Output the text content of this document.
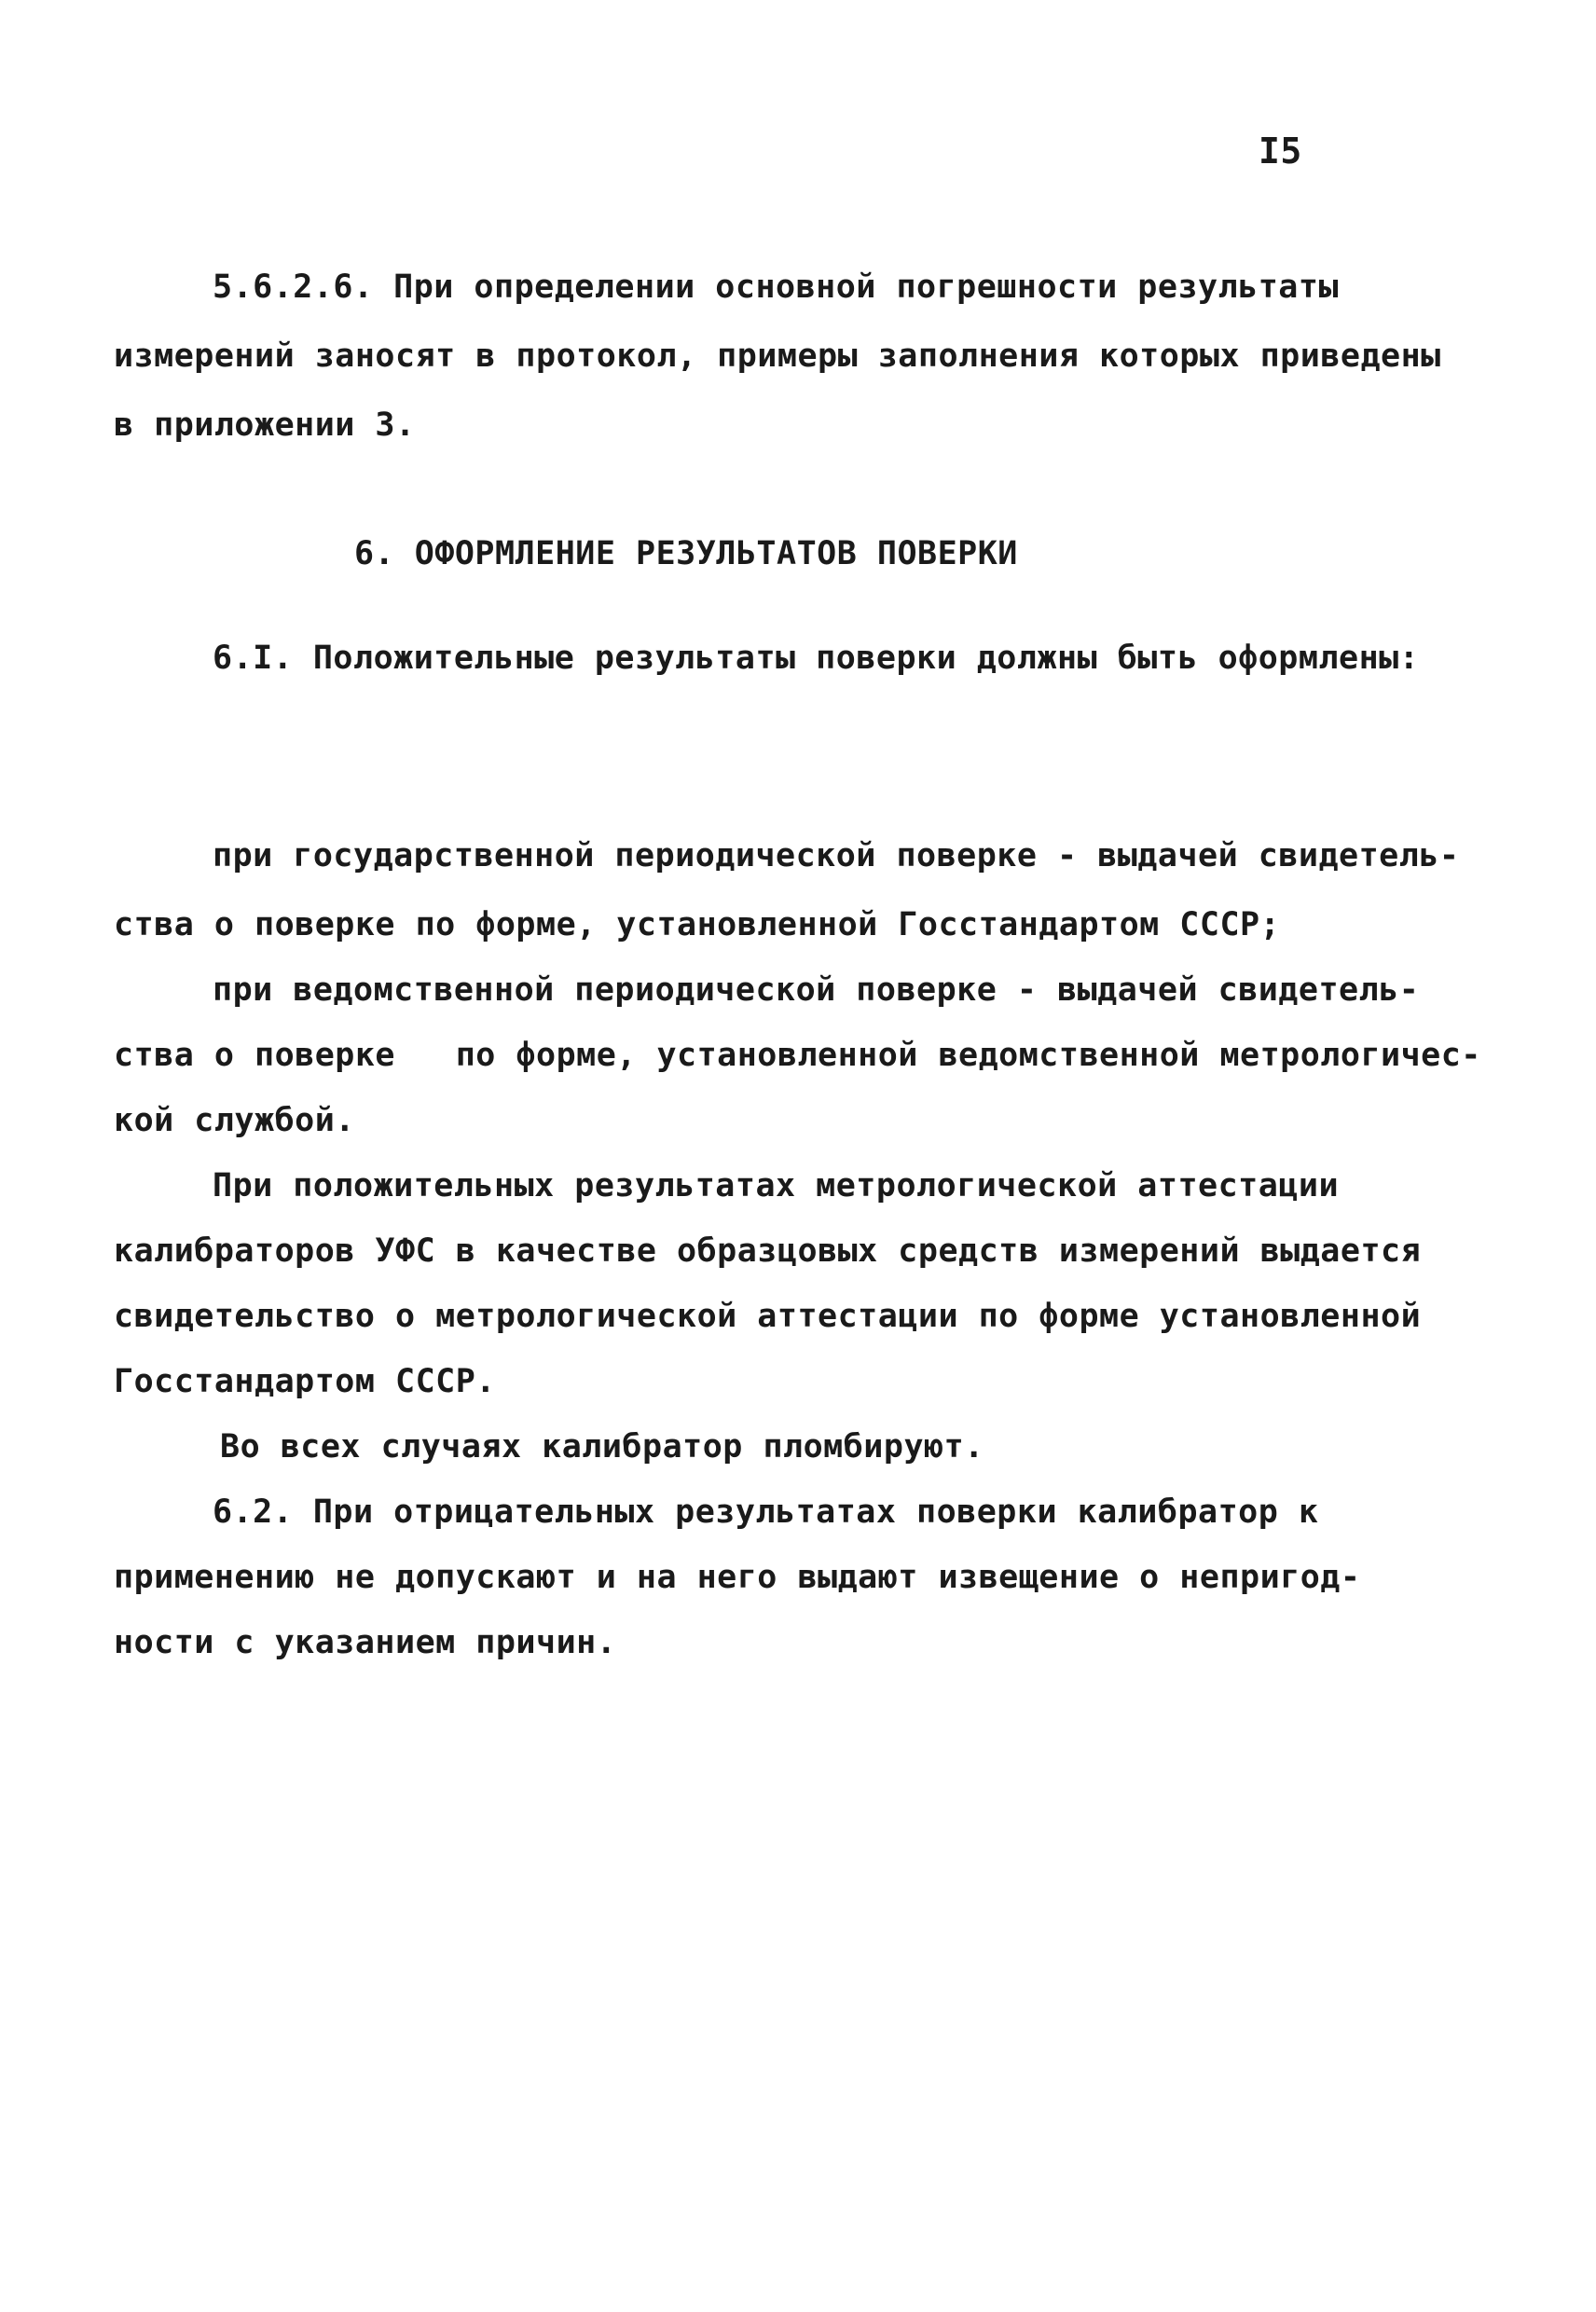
I5
5.6.2.6. При определении основной погрешности результаты
измерений заносят в протокол, примеры заполнения которых приведены
в приложении 3.
6. ОФОРМЛЕНИЕ РЕЗУЛЬТАТОВ ПОВЕРКИ
6.I. Положительные результаты поверки должны быть оформлены:
при государственной периодической поверке - выдачей свидетель-
ства о поверке по форме, установленной Госстандартом СССР;
при ведомственной периодической поверке - выдачей свидетель-
ства о поверке   по форме, установленной ведомственной метрологичес-
кой службой.
При положительных результатах метрологической аттестации
калибраторов УФС в качестве образцовых средств измерений выдается
свидетельство о метрологической аттестации по форме установленной
Госстандартом СССР.
Во всех случаях калибратор пломбируют.
6.2. При отрицательных результатах поверки калибратор к
применению не допускают и на него выдают извещение о непригод-
ности с указанием причин.
